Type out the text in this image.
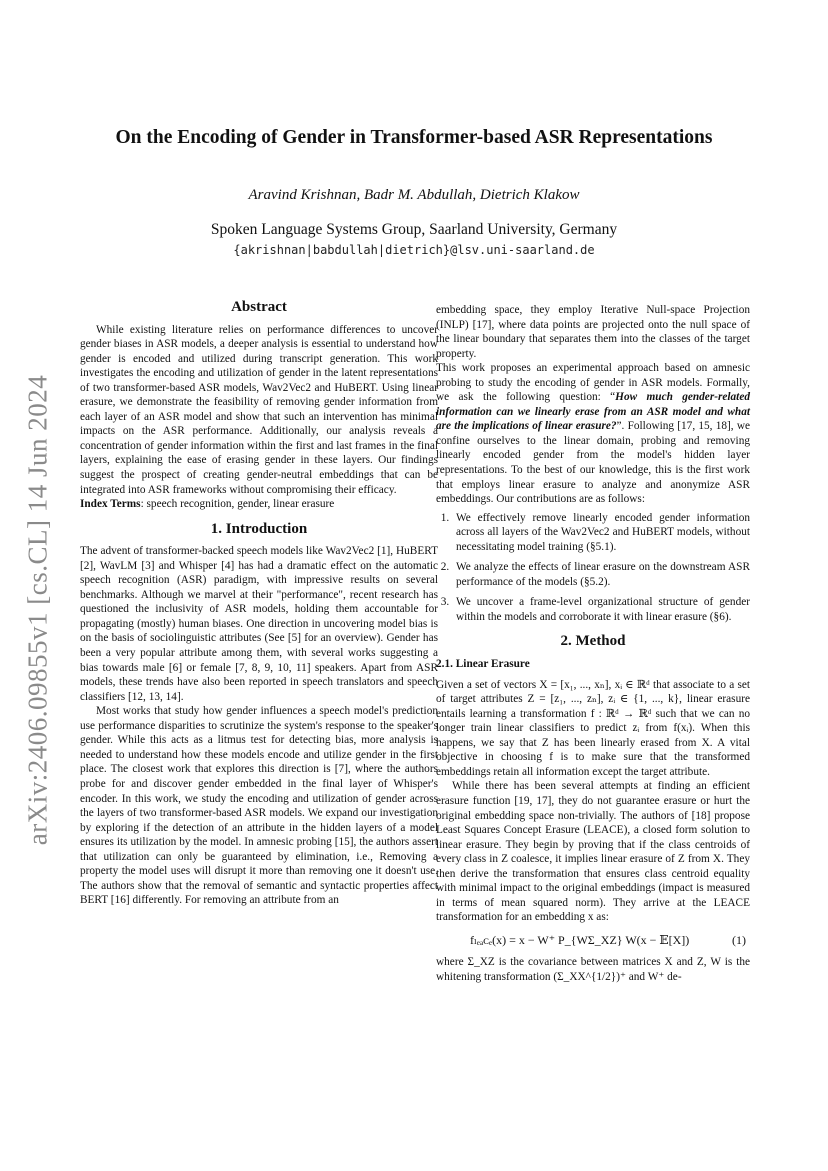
arXiv:2406.09855v1 [cs.CL] 14 Jun 2024
On the Encoding of Gender in Transformer-based ASR Representations
Aravind Krishnan, Badr M. Abdullah, Dietrich Klakow
Spoken Language Systems Group, Saarland University, Germany
{akrishnan|babdullah|dietrich}@lsv.uni-saarland.de
Abstract

While existing literature relies on performance differences to uncover gender biases in ASR models, a deeper analysis is essential to understand how gender is encoded and utilized during transcript generation. This work investigates the encoding and utilization of gender in the latent representations of two transformer-based ASR models, Wav2Vec2 and HuBERT. Using linear erasure, we demonstrate the feasibility of removing gender information from each layer of an ASR model and show that such an intervention has minimal impacts on the ASR performance. Additionally, our analysis reveals a concentration of gender information within the first and last frames in the final layers, explaining the ease of erasing gender in these layers. Our findings suggest the prospect of creating gender-neutral embeddings that can be integrated into ASR frameworks without compromising their efficacy.

Index Terms: speech recognition, gender, linear erasure

1. Introduction

The advent of transformer-backed speech models like Wav2Vec2 [1], HuBERT [2], WavLM [3] and Whisper [4] has had a dramatic effect on the automatic speech recognition (ASR) paradigm, with impressive results on several benchmarks. Although we marvel at their "performance", recent research has questioned the inclusivity of ASR models, holding them accountable for propagating (mostly) human biases. One direction in uncovering model bias is on the basis of sociolinguistic attributes (See [5] for an overview). Gender has been a very popular attribute among them, with several works suggesting a bias towards male [6] or female [7, 8, 9, 10, 11] speakers. Apart from ASR models, these trends have also been reported in speech translators and speech classifiers [12, 13, 14].

Most works that study how gender influences a speech model's prediction use performance disparities to scrutinize the system's response to the speaker's gender. While this acts as a litmus test for detecting bias, more analysis is needed to understand how these models encode and utilize gender in the first place. The closest work that explores this direction is [7], where the authors probe for and discover gender embedded in the final layer of Whisper's encoder. In this work, we study the encoding and utilization of gender across the layers of two transformer-based ASR models. We expand our investigation by exploring if the detection of an attribute in the hidden layers of a model ensures its utilization by the model. In amnesic probing [15], the authors assert that utilization can only be guaranteed by elimination, i.e., Removing a property the model uses will disrupt it more than removing one it doesn't use. The authors show that the removal of semantic and syntactic properties affect BERT [16] differently. For removing an attribute from an

embedding space, they employ Iterative Null-space Projection (INLP) [17], where data points are projected onto the null space of the linear boundary that separates them into the classes of the target property.

This work proposes an experimental approach based on amnesic probing to study the encoding of gender in ASR models. Formally, we ask the following question: “How much gender-related information can we linearly erase from an ASR model and what are the implications of linear erasure?”. Following [17, 15, 18], we confine ourselves to the linear domain, probing and removing linearly encoded gender from the model's hidden layer representations. To the best of our knowledge, this is the first work that employs linear erasure to analyze and anonymize ASR embeddings. Our contributions are as follows:

1. We effectively remove linearly encoded gender information across all layers of the Wav2Vec2 and HuBERT models, without necessitating model training (§5.1).
2. We analyze the effects of linear erasure on the downstream ASR performance of the models (§5.2).
3. We uncover a frame-level organizational structure of gender within the models and corroborate it with linear erasure (§6).
2. Method
2.1. Linear Erasure

Given a set of vectors X = [x₁, ..., xₙ], xᵢ ∈ ℝᵈ that associate to a set of target attributes Z = [z₁, ..., zₙ], zᵢ ∈ {1, ..., k}, linear erasure entails learning a transformation f : ℝᵈ → ℝᵈ such that we can no longer train linear classifiers to predict zᵢ from f(xᵢ). When this happens, we say that Z has been linearly erased from X. A vital objective in choosing f is to make sure that the transformed embeddings retain all information except the target attribute.

While there has been several attempts at finding an efficient erasure function [19, 17], they do not guarantee erasure or hurt the original embedding space non-trivially. The authors of [18] propose Least Squares Concept Erasure (LEACE), a closed form solution to linear erasure. They begin by proving that if the class centroids of every class in Z coalesce, it implies linear erasure of Z from X. They then derive the transformation that ensures class centroid equality with minimal impact to the original embeddings (impact is measured in terms of mean squared norm). They arrive at the LEACE transformation for an embedding x as:

fₗₑₐᴄₑ(x) = x − W⁺ P_{WΣ_XZ} W(x − 𝔼[X])	(1)

where Σ_XZ is the covariance between matrices X and Z, W is the whitening transformation (Σ_XX^{1/2})⁺ and W⁺ de-
